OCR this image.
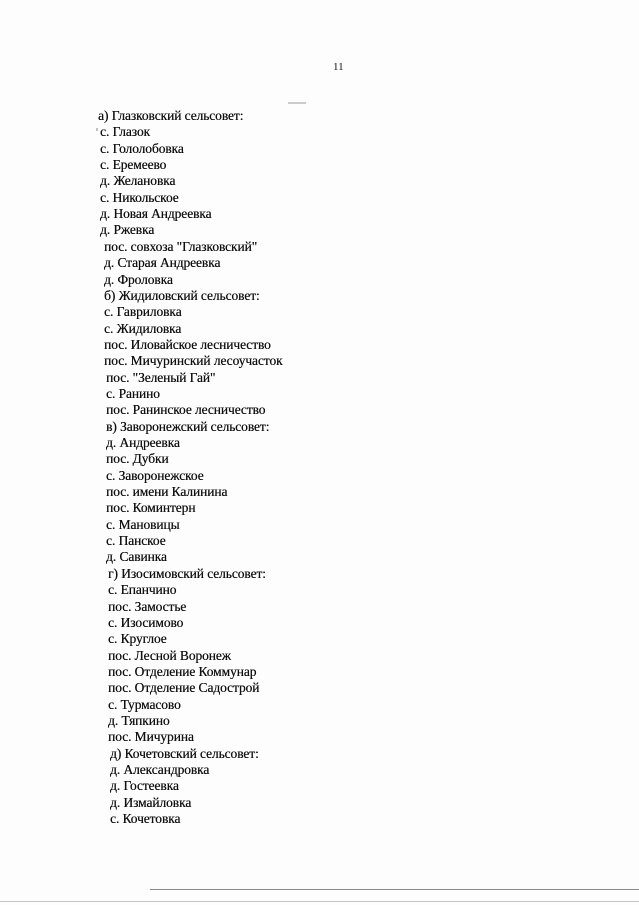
11
а) Глазковский сельсовет:
с. Глазок
с. Гололобовка
с. Еремеево
д. Желановка
с. Никольское
д. Новая Андреевка
д. Ржевка
пос. совхоза "Глазковский"
д. Старая Андреевка
д. Фроловка
б) Жидиловский сельсовет:
с. Гавриловка
с. Жидиловка
пос. Иловайское лесничество
пос. Мичуринский лесоучасток
пос. "Зеленый Гай"
с. Ранино
пос. Ранинское лесничество
в) Заворонежский сельсовет:
д. Андреевка
пос. Дубки
с. Заворонежское
пос. имени Калинина
пос. Коминтерн
с. Мановицы
с. Панское
д. Савинка
г) Изосимовский сельсовет:
с. Епанчино
пос. Замостье
с. Изосимово
с. Круглое
пос. Лесной Воронеж
пос. Отделение Коммунар
пос. Отделение Садострой
с. Турмасово
д. Тяпкино
пос. Мичурина
д) Кочетовский сельсовет:
д. Александровка
д. Гостеевка
д. Измайловка
с. Кочетовка
